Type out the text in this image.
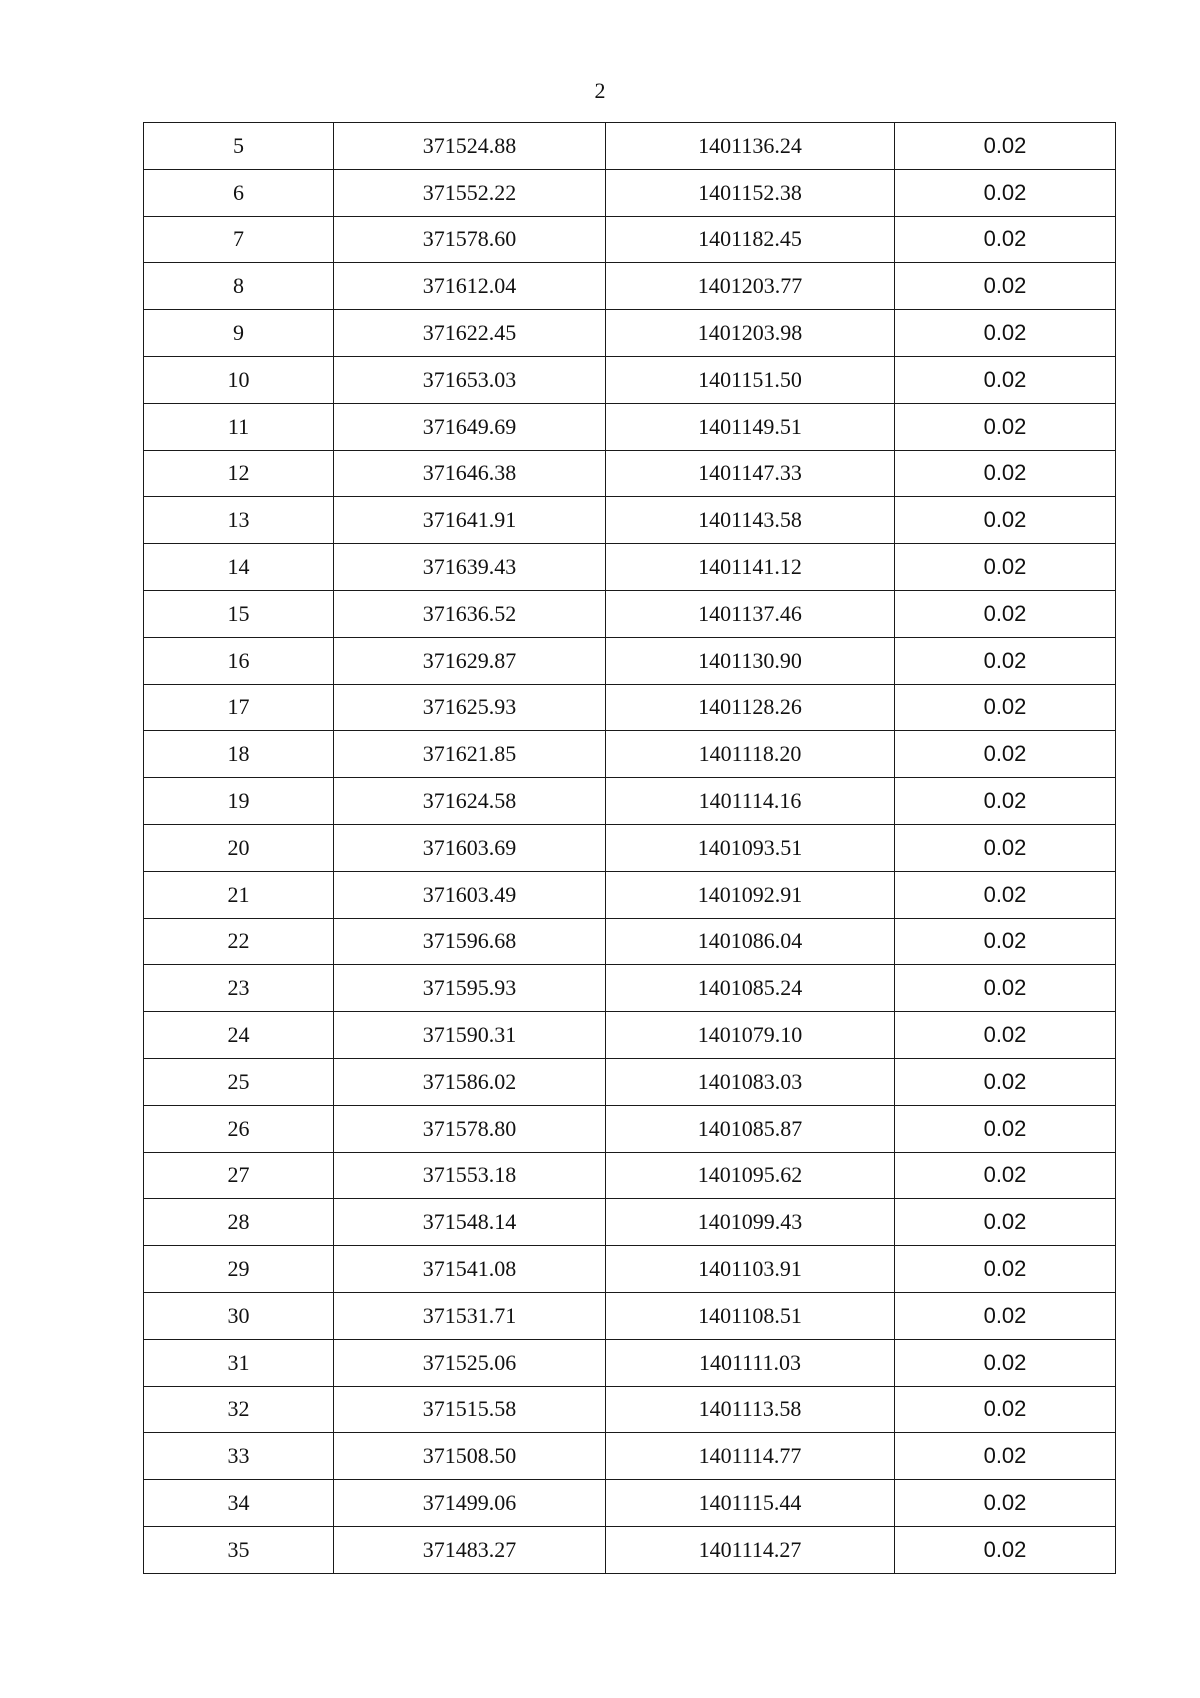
2
5	371524.88	1401136.24	0.02
6	371552.22	1401152.38	0.02
7	371578.60	1401182.45	0.02
8	371612.04	1401203.77	0.02
9	371622.45	1401203.98	0.02
10	371653.03	1401151.50	0.02
11	371649.69	1401149.51	0.02
12	371646.38	1401147.33	0.02
13	371641.91	1401143.58	0.02
14	371639.43	1401141.12	0.02
15	371636.52	1401137.46	0.02
16	371629.87	1401130.90	0.02
17	371625.93	1401128.26	0.02
18	371621.85	1401118.20	0.02
19	371624.58	1401114.16	0.02
20	371603.69	1401093.51	0.02
21	371603.49	1401092.91	0.02
22	371596.68	1401086.04	0.02
23	371595.93	1401085.24	0.02
24	371590.31	1401079.10	0.02
25	371586.02	1401083.03	0.02
26	371578.80	1401085.87	0.02
27	371553.18	1401095.62	0.02
28	371548.14	1401099.43	0.02
29	371541.08	1401103.91	0.02
30	371531.71	1401108.51	0.02
31	371525.06	1401111.03	0.02
32	371515.58	1401113.58	0.02
33	371508.50	1401114.77	0.02
34	371499.06	1401115.44	0.02
35	371483.27	1401114.27	0.02
